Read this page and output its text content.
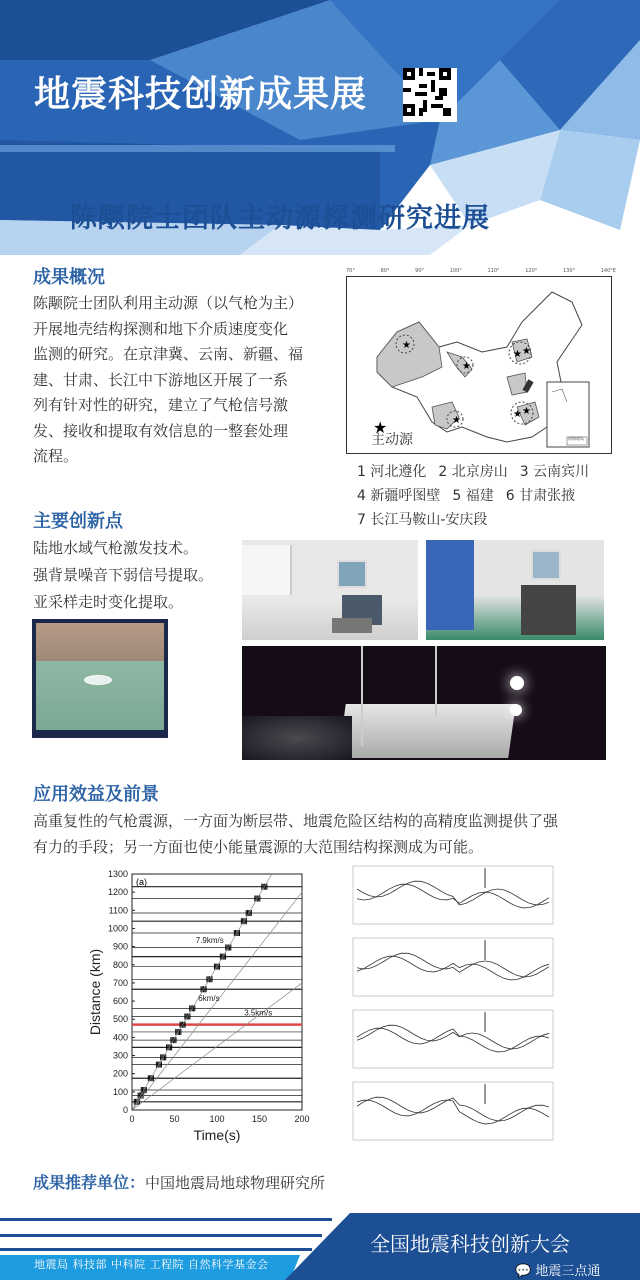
地震科技创新成果展
陈颙院士团队主动源探测研究进展
成果概况
陈颙院士团队利用主动源（以气枪为主）
开展地壳结构探测和地下介质速度变化
监测的研究。在京津冀、云南、新疆、福
建、甘肃、长江中下游地区开展了一系
列有针对性的研究，建立了气枪信号激
发、接收和提取有效信息的一整套处理
流程。
★
★
★ ★
★
★ ★
★
主动源	南海诸岛
70°	80°	90°	100°	110°	120°	130°	140°E
1 河北遵化 2 北京房山 3 云南宾川
4 新疆呼图壁 5 福建 6 甘肃张掖
7 长江马鞍山-安庆段
主要创新点
陆地水域气枪激发技术。
强背景噪音下弱信号提取。
亚采样走时变化提取。
应用效益及前景
高重复性的气枪震源，一方面为断层带、地震危险区结构的高精度监测提供了强
有力的手段；另一方面也使小能量震源的大范围结构探测成为可能。
7.9km/s
6km/s
3.5km/s
(a)
0
100
200
300
400
500
600
700
800
900
1000
1100
1200
1300
0	50	100	150	200
Time(s)
Distance (km)
成果推荐单位：中国地震局地球物理研究所
全国地震科技创新大会
地震局 科技部 中科院 工程院 自然科学基金会	💬 地震三点通
